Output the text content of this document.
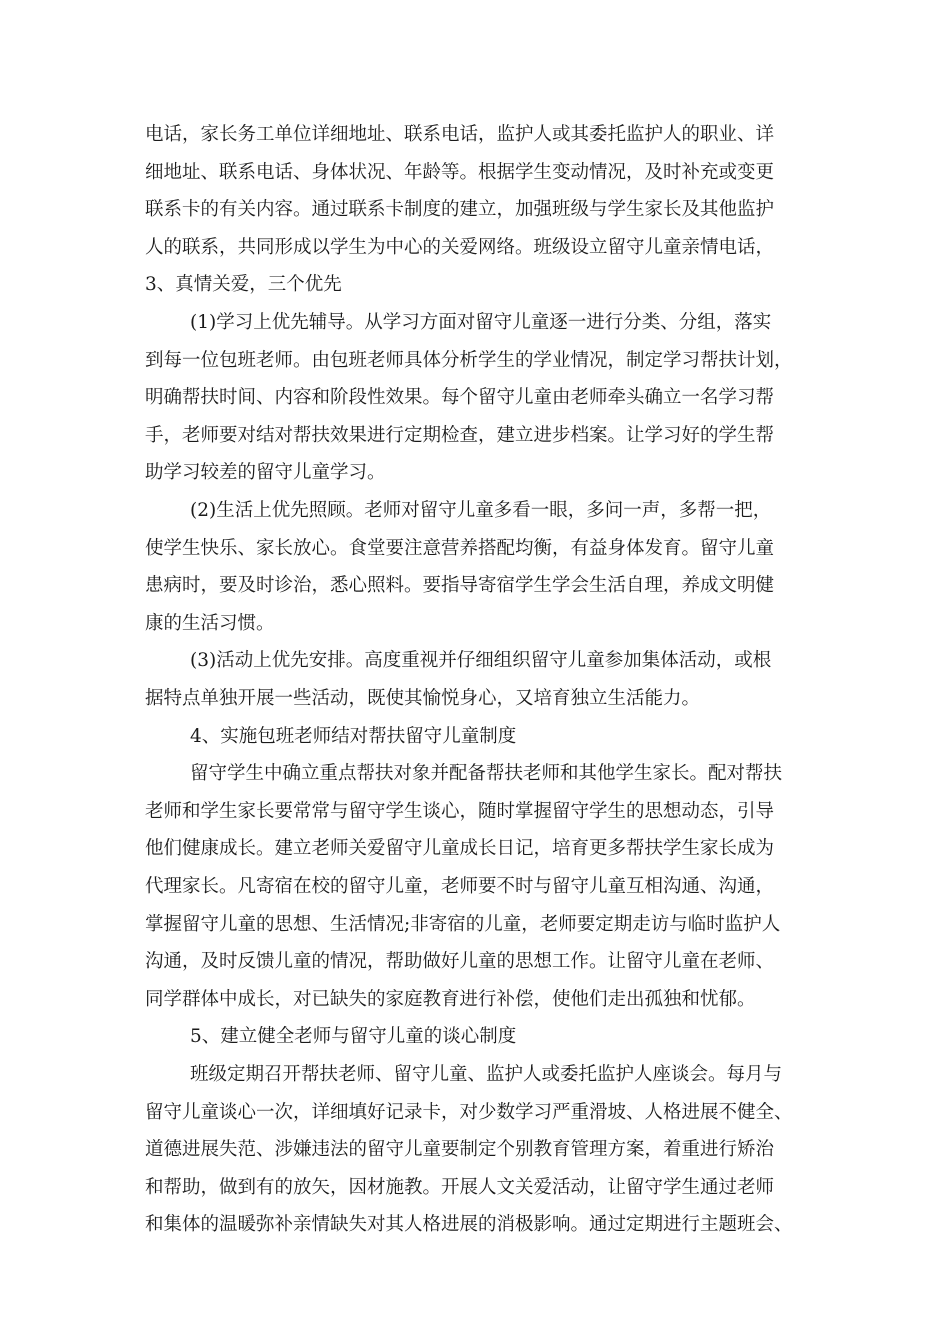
电话，家长务工单位详细地址、联系电话，监护人或其委托监护人的职业、详
细地址、联系电话、身体状况、年龄等。根据学生变动情况，及时补充或变更
联系卡的有关内容。通过联系卡制度的建立，加强班级与学生家长及其他监护
人的联系，共同形成以学生为中心的关爱网络。班级设立留守儿童亲情电话，
3、真情关爱，三个优先
(1)学习上优先辅导。从学习方面对留守儿童逐一进行分类、分组，落实
到每一位包班老师。由包班老师具体分析学生的学业情况，制定学习帮扶计划，
明确帮扶时间、内容和阶段性效果。每个留守儿童由老师牵头确立一名学习帮
手，老师要对结对帮扶效果进行定期检查，建立进步档案。让学习好的学生帮
助学习较差的留守儿童学习。
(2)生活上优先照顾。老师对留守儿童多看一眼，多问一声，多帮一把，
使学生快乐、家长放心。食堂要注意营养搭配均衡，有益身体发育。留守儿童
患病时，要及时诊治，悉心照料。要指导寄宿学生学会生活自理，养成文明健
康的生活习惯。
(3)活动上优先安排。高度重视并仔细组织留守儿童参加集体活动，或根
据特点单独开展一些活动，既使其愉悦身心，又培育独立生活能力。
4、实施包班老师结对帮扶留守儿童制度
留守学生中确立重点帮扶对象并配备帮扶老师和其他学生家长。配对帮扶
老师和学生家长要常常与留守学生谈心，随时掌握留守学生的思想动态，引导
他们健康成长。建立老师关爱留守儿童成长日记，培育更多帮扶学生家长成为
代理家长。凡寄宿在校的留守儿童，老师要不时与留守儿童互相沟通、沟通，
掌握留守儿童的思想、生活情况;非寄宿的儿童，老师要定期走访与临时监护人
沟通，及时反馈儿童的情况，帮助做好儿童的思想工作。让留守儿童在老师、
同学群体中成长，对已缺失的家庭教育进行补偿，使他们走出孤独和忧郁。
5、建立健全老师与留守儿童的谈心制度
班级定期召开帮扶老师、留守儿童、监护人或委托监护人座谈会。每月与
留守儿童谈心一次，详细填好记录卡，对少数学习严重滑坡、人格进展不健全、
道德进展失范、涉嫌违法的留守儿童要制定个别教育管理方案，着重进行矫治
和帮助，做到有的放矢，因材施教。开展人文关爱活动，让留守学生通过老师
和集体的温暖弥补亲情缺失对其人格进展的消极影响。通过定期进行主题班会、
